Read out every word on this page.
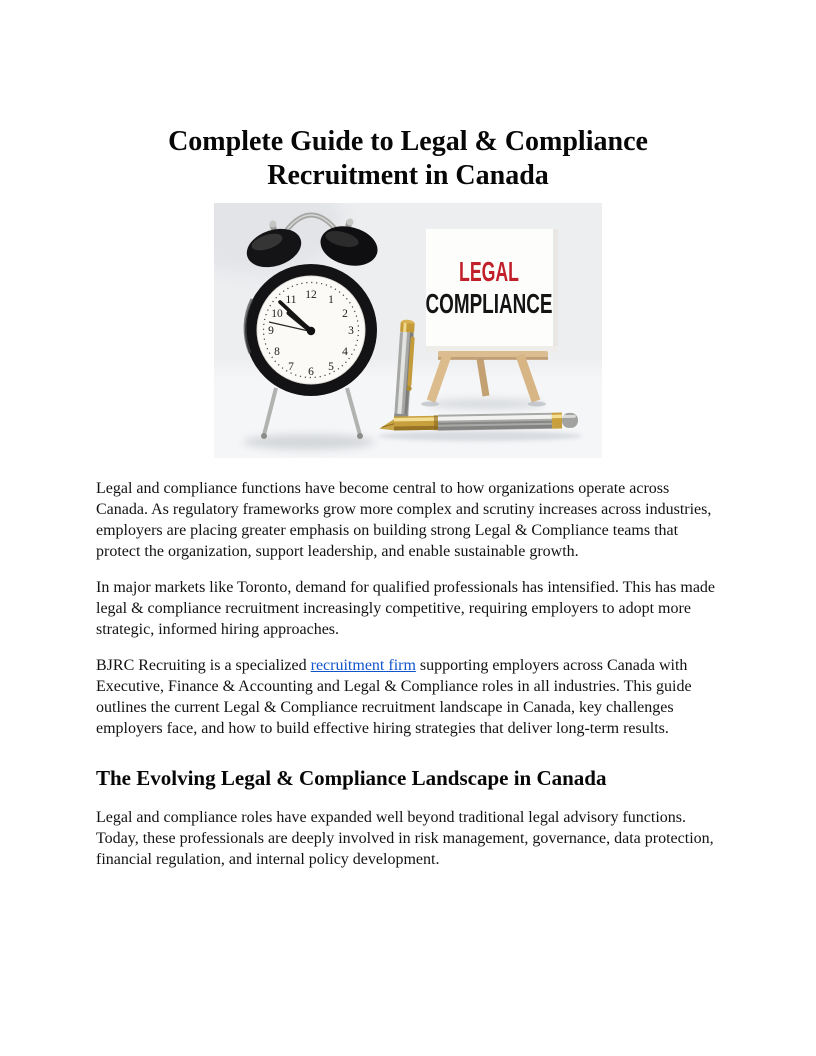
Complete Guide to Legal & Compliance Recruitment in Canada
12 1
2
3
4
5
6
7
8
9
10
11
LEGAL
COMPLIANCE

Legal and compliance functions have become central to how organizations operate across Canada. As regulatory frameworks grow more complex and scrutiny increases across industries, employers are placing greater emphasis on building strong Legal & Compliance teams that protect the organization, support leadership, and enable sustainable growth.

In major markets like Toronto, demand for qualified professionals has intensified. This has made legal & compliance recruitment increasingly competitive, requiring employers to adopt more strategic, informed hiring approaches.

BJRC Recruiting is a specialized recruitment firm supporting employers across Canada with Executive, Finance & Accounting and Legal & Compliance roles in all industries. This guide outlines the current Legal & Compliance recruitment landscape in Canada, key challenges employers face, and how to build effective hiring strategies that deliver long-term results.

The Evolving Legal & Compliance Landscape in Canada

Legal and compliance roles have expanded well beyond traditional legal advisory functions. Today, these professionals are deeply involved in risk management, governance, data protection, financial regulation, and internal policy development.
